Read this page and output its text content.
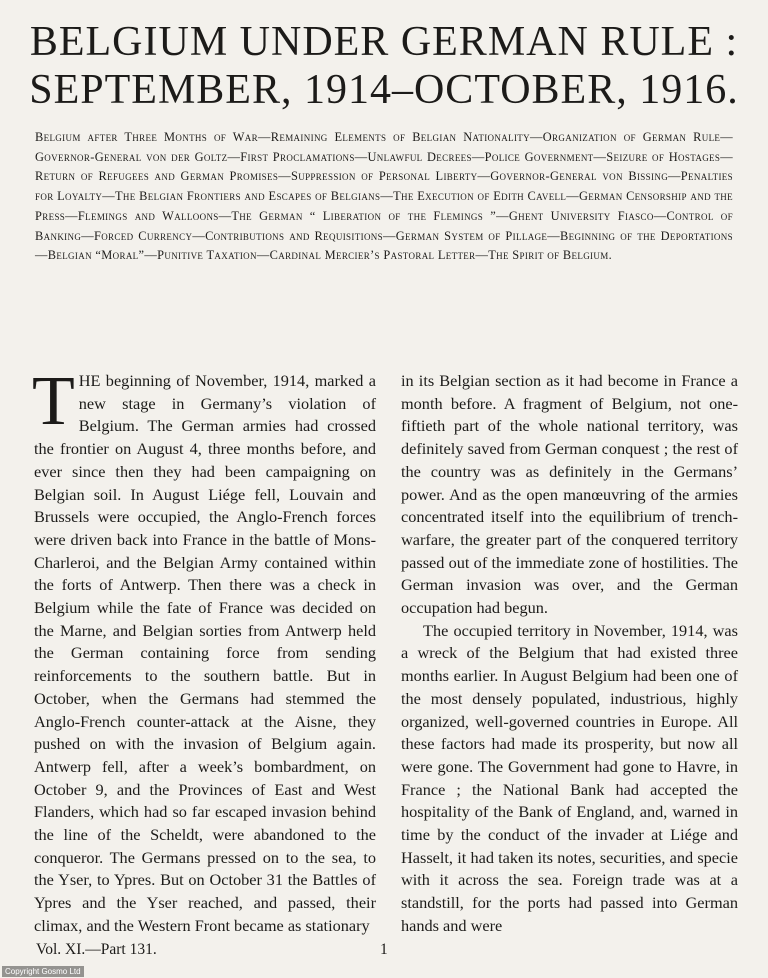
BELGIUM UNDER GERMAN RULE :
SEPTEMBER, 1914–OCTOBER, 1916.

Belgium after Three Months of War—Remaining Elements of Belgian Nationality—Organization of German Rule—Governor-General von der Goltz—First Proclamations—Unlawful Decrees—Police Government—Seizure of Hostages—Return of Refugees and German Promises—Suppression of Personal Liberty—Governor-General von Bissing—Penalties for Loyalty—The Belgian Frontiers and Escapes of Belgians—The Execution of Edith Cavell—German Censorship and the Press—Flemings and Walloons—The German “ Liberation of the Flemings ”—Ghent University Fiasco—Control of Banking—Forced Currency—Contributions and Requisitions—German System of Pillage—Beginning of the Deportations—Belgian “Moral”—Punitive Taxation—Cardinal Mercier’s Pastoral Letter—The Spirit of Belgium.

THE beginning of November, 1914, marked a new stage in Germany’s violation of Belgium. The German armies had crossed the frontier on August 4, three months before, and ever since then they had been campaigning on Belgian soil. In August Liége fell, Louvain and Brussels were occupied, the Anglo-French forces were driven back into France in the battle of Mons-Charleroi, and the Belgian Army contained within the forts of Antwerp. Then there was a check in Belgium while the fate of France was decided on the Marne, and Belgian sorties from Antwerp held the German containing force from sending reinforcements to the southern battle. But in October, when the Germans had stemmed the Anglo-French counter-attack at the Aisne, they pushed on with the invasion of Belgium again. Antwerp fell, after a week’s bombardment, on October 9, and the Provinces of East and West Flanders, which had so far escaped invasion behind the line of the Scheldt, were abandoned to the conqueror. The Germans pressed on to the sea, to the Yser, to Ypres. But on October 31 the Battles of Ypres and the Yser reached, and passed, their climax, and the Western Front became as stationary

in its Belgian section as it had become in France a month before. A fragment of Belgium, not one-fiftieth part of the whole national territory, was definitely saved from German conquest ; the rest of the country was as definitely in the Germans’ power. And as the open manœuvring of the armies concentrated itself into the equilibrium of trench-warfare, the greater part of the conquered territory passed out of the immediate zone of hostilities. The German invasion was over, and the German occupation had begun.

The occupied territory in November, 1914, was a wreck of the Belgium that had existed three months earlier. In August Belgium had been one of the most densely populated, industrious, highly organized, well-governed countries in Europe. All these factors had made its prosperity, but now all were gone. The Government had gone to Havre, in France ; the National Bank had accepted the hospitality of the Bank of England, and, warned in time by the conduct of the invader at Liége and Hasselt, it had taken its notes, securities, and specie with it across the sea. Foreign trade was at a standstill, for the ports had passed into German hands and were

Vol. XI.—Part 131.	1
Copyright Gosmo Ltd
